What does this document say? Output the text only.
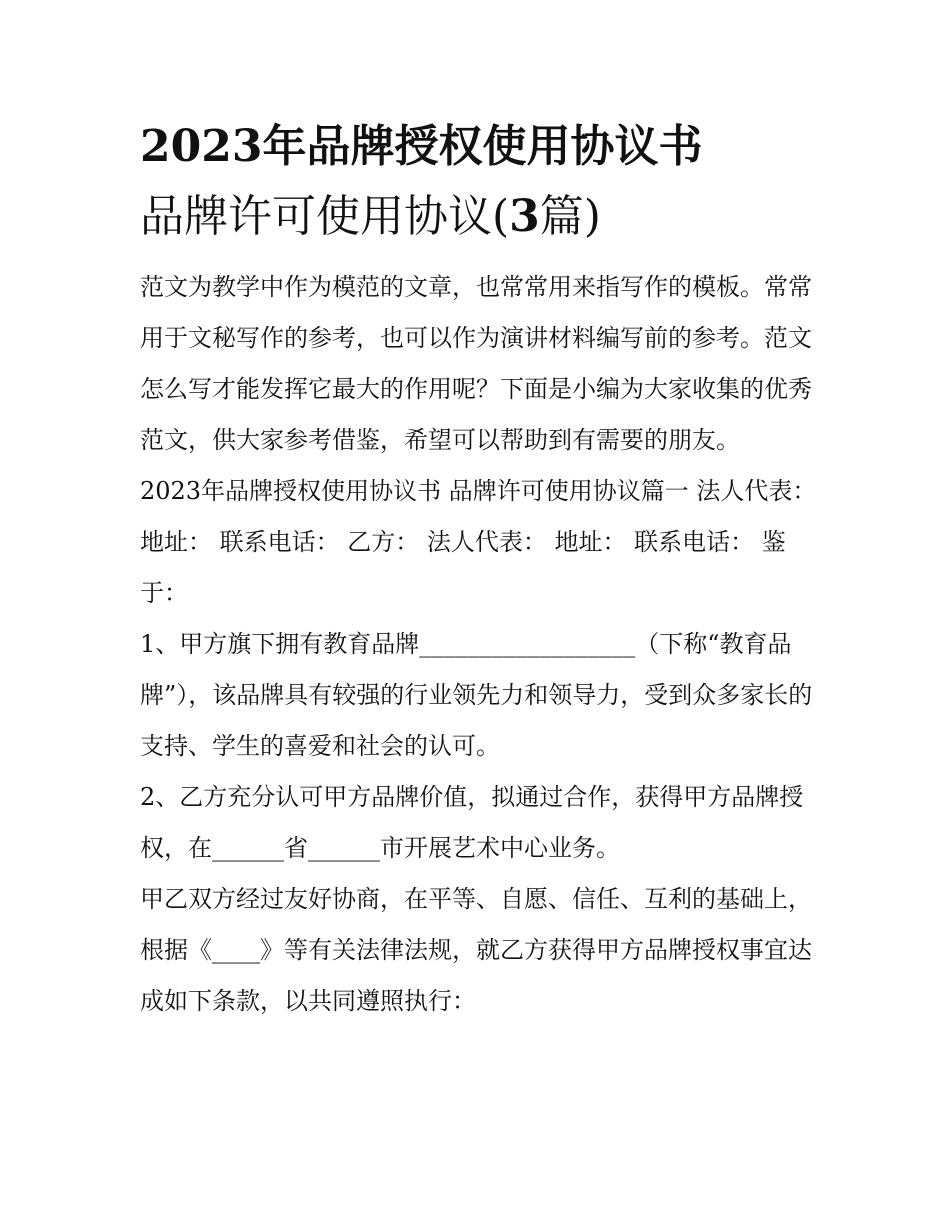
2023年品牌授权使用协议书
品牌许可使用协议(3篇)

范文为教学中作为模范的文章，也常常用来指写作的模板。常常用于文秘写作的参考，也可以作为演讲材料编写前的参考。范文怎么写才能发挥它最大的作用呢？下面是小编为大家收集的优秀范文，供大家参考借鉴，希望可以帮助到有需要的朋友。

2023年品牌授权使用协议书 品牌许可使用协议篇一 法人代表： 地址： 联系电话： 乙方： 法人代表： 地址： 联系电话： 鉴于：

1、甲方旗下拥有教育品牌__________________（下称“教育品牌”），该品牌具有较强的行业领先力和领导力，受到众多家长的支持、学生的喜爱和社会的认可。

2、乙方充分认可甲方品牌价值，拟通过合作，获得甲方品牌授权，在______省______市开展艺术中心业务。

甲乙双方经过友好协商，在平等、自愿、信任、互利的基础上，根据《____》等有关法律法规，就乙方获得甲方品牌授权事宜达成如下条款，以共同遵照执行：
